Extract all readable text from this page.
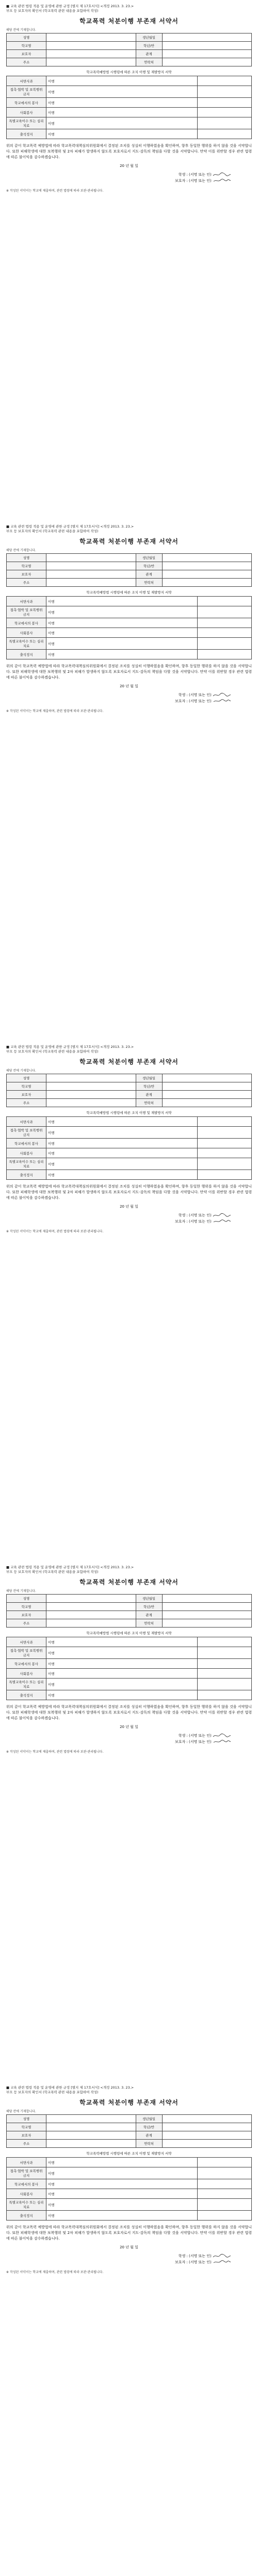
■ 교육 관련 법령 적용 및 운영에 관한 규정 [별지 제 17호서식] <개정 2013. 3. 23.>
부모 등 보호자의 확인서 (학교폭력 관련 내용을 포함하여 작성)
학교폭력 처분이행 부존재 서약서
해당 칸에 기재합니다.
성명		생년월일	
학교명		학년/반	
보호자		관계	
주소		연락처	
학교폭력예방법 시행령에 따른 조치 이행 및 재발방지 서약
서면사과	이행	
접촉·협박 및 보복행위 금지	이행	
학교에서의 봉사	이행	
사회봉사	이행	
특별교육이수 또는 심리치료	이행	
출석정지	이행	
위의 같이 학교폭력 예방법에 따라 학교폭력대책심의위원회에서 결정된 조치를 성실히 이행하였음을 확인하며, 향후 동일한 행위를 하지 않을 것을 서약합니다. 또한 피해학생에 대한 보복행위 및 2차 피해가 발생하지 않도록 보호자로서 지도·감독의 책임을 다할 것을 서약합니다. 만약 이를 위반할 경우 관련 법령에 따른 불이익을 감수하겠습니다.
20 년 월 일
학생 : (서명 또는 인)
보호자 : (서명 또는 인)
※ 작성된 서약서는 학교에 제출하며, 관련 법령에 따라 보관·관리됩니다.
■ 교육 관련 법령 적용 및 운영에 관한 규정 [별지 제 17호서식] <개정 2013. 3. 23.>
부모 등 보호자의 확인서 (학교폭력 관련 내용을 포함하여 작성)
학교폭력 처분이행 부존재 서약서
해당 칸에 기재합니다.
성명		생년월일	
학교명		학년/반	
보호자		관계	
주소		연락처	
학교폭력예방법 시행령에 따른 조치 이행 및 재발방지 서약
서면사과	이행	
접촉·협박 및 보복행위 금지	이행	
학교에서의 봉사	이행	
사회봉사	이행	
특별교육이수 또는 심리치료	이행	
출석정지	이행	
위의 같이 학교폭력 예방법에 따라 학교폭력대책심의위원회에서 결정된 조치를 성실히 이행하였음을 확인하며, 향후 동일한 행위를 하지 않을 것을 서약합니다. 또한 피해학생에 대한 보복행위 및 2차 피해가 발생하지 않도록 보호자로서 지도·감독의 책임을 다할 것을 서약합니다. 만약 이를 위반할 경우 관련 법령에 따른 불이익을 감수하겠습니다.
20 년 월 일
학생 : (서명 또는 인)
보호자 : (서명 또는 인)
※ 작성된 서약서는 학교에 제출하며, 관련 법령에 따라 보관·관리됩니다.
■ 교육 관련 법령 적용 및 운영에 관한 규정 [별지 제 17호서식] <개정 2013. 3. 23.>
부모 등 보호자의 확인서 (학교폭력 관련 내용을 포함하여 작성)
학교폭력 처분이행 부존재 서약서
해당 칸에 기재합니다.
성명		생년월일	
학교명		학년/반	
보호자		관계	
주소		연락처	
학교폭력예방법 시행령에 따른 조치 이행 및 재발방지 서약
서면사과	이행	
접촉·협박 및 보복행위 금지	이행	
학교에서의 봉사	이행	
사회봉사	이행	
특별교육이수 또는 심리치료	이행	
출석정지	이행	
위의 같이 학교폭력 예방법에 따라 학교폭력대책심의위원회에서 결정된 조치를 성실히 이행하였음을 확인하며, 향후 동일한 행위를 하지 않을 것을 서약합니다. 또한 피해학생에 대한 보복행위 및 2차 피해가 발생하지 않도록 보호자로서 지도·감독의 책임을 다할 것을 서약합니다. 만약 이를 위반할 경우 관련 법령에 따른 불이익을 감수하겠습니다.
20 년 월 일
학생 : (서명 또는 인)
보호자 : (서명 또는 인)
※ 작성된 서약서는 학교에 제출하며, 관련 법령에 따라 보관·관리됩니다.
■ 교육 관련 법령 적용 및 운영에 관한 규정 [별지 제 17호서식] <개정 2013. 3. 23.>
부모 등 보호자의 확인서 (학교폭력 관련 내용을 포함하여 작성)
학교폭력 처분이행 부존재 서약서
해당 칸에 기재합니다.
성명		생년월일	
학교명		학년/반	
보호자		관계	
주소		연락처	
학교폭력예방법 시행령에 따른 조치 이행 및 재발방지 서약
서면사과	이행	
접촉·협박 및 보복행위 금지	이행	
학교에서의 봉사	이행	
사회봉사	이행	
특별교육이수 또는 심리치료	이행	
출석정지	이행	
위의 같이 학교폭력 예방법에 따라 학교폭력대책심의위원회에서 결정된 조치를 성실히 이행하였음을 확인하며, 향후 동일한 행위를 하지 않을 것을 서약합니다. 또한 피해학생에 대한 보복행위 및 2차 피해가 발생하지 않도록 보호자로서 지도·감독의 책임을 다할 것을 서약합니다. 만약 이를 위반할 경우 관련 법령에 따른 불이익을 감수하겠습니다.
20 년 월 일
학생 : (서명 또는 인)
보호자 : (서명 또는 인)
※ 작성된 서약서는 학교에 제출하며, 관련 법령에 따라 보관·관리됩니다.
■ 교육 관련 법령 적용 및 운영에 관한 규정 [별지 제 17호서식] <개정 2013. 3. 23.>
부모 등 보호자의 확인서 (학교폭력 관련 내용을 포함하여 작성)
학교폭력 처분이행 부존재 서약서
해당 칸에 기재합니다.
성명		생년월일	
학교명		학년/반	
보호자		관계	
주소		연락처	
학교폭력예방법 시행령에 따른 조치 이행 및 재발방지 서약
서면사과	이행	
접촉·협박 및 보복행위 금지	이행	
학교에서의 봉사	이행	
사회봉사	이행	
특별교육이수 또는 심리치료	이행	
출석정지	이행	
위의 같이 학교폭력 예방법에 따라 학교폭력대책심의위원회에서 결정된 조치를 성실히 이행하였음을 확인하며, 향후 동일한 행위를 하지 않을 것을 서약합니다. 또한 피해학생에 대한 보복행위 및 2차 피해가 발생하지 않도록 보호자로서 지도·감독의 책임을 다할 것을 서약합니다. 만약 이를 위반할 경우 관련 법령에 따른 불이익을 감수하겠습니다.
20 년 월 일
학생 : (서명 또는 인)
보호자 : (서명 또는 인)
※ 작성된 서약서는 학교에 제출하며, 관련 법령에 따라 보관·관리됩니다.
